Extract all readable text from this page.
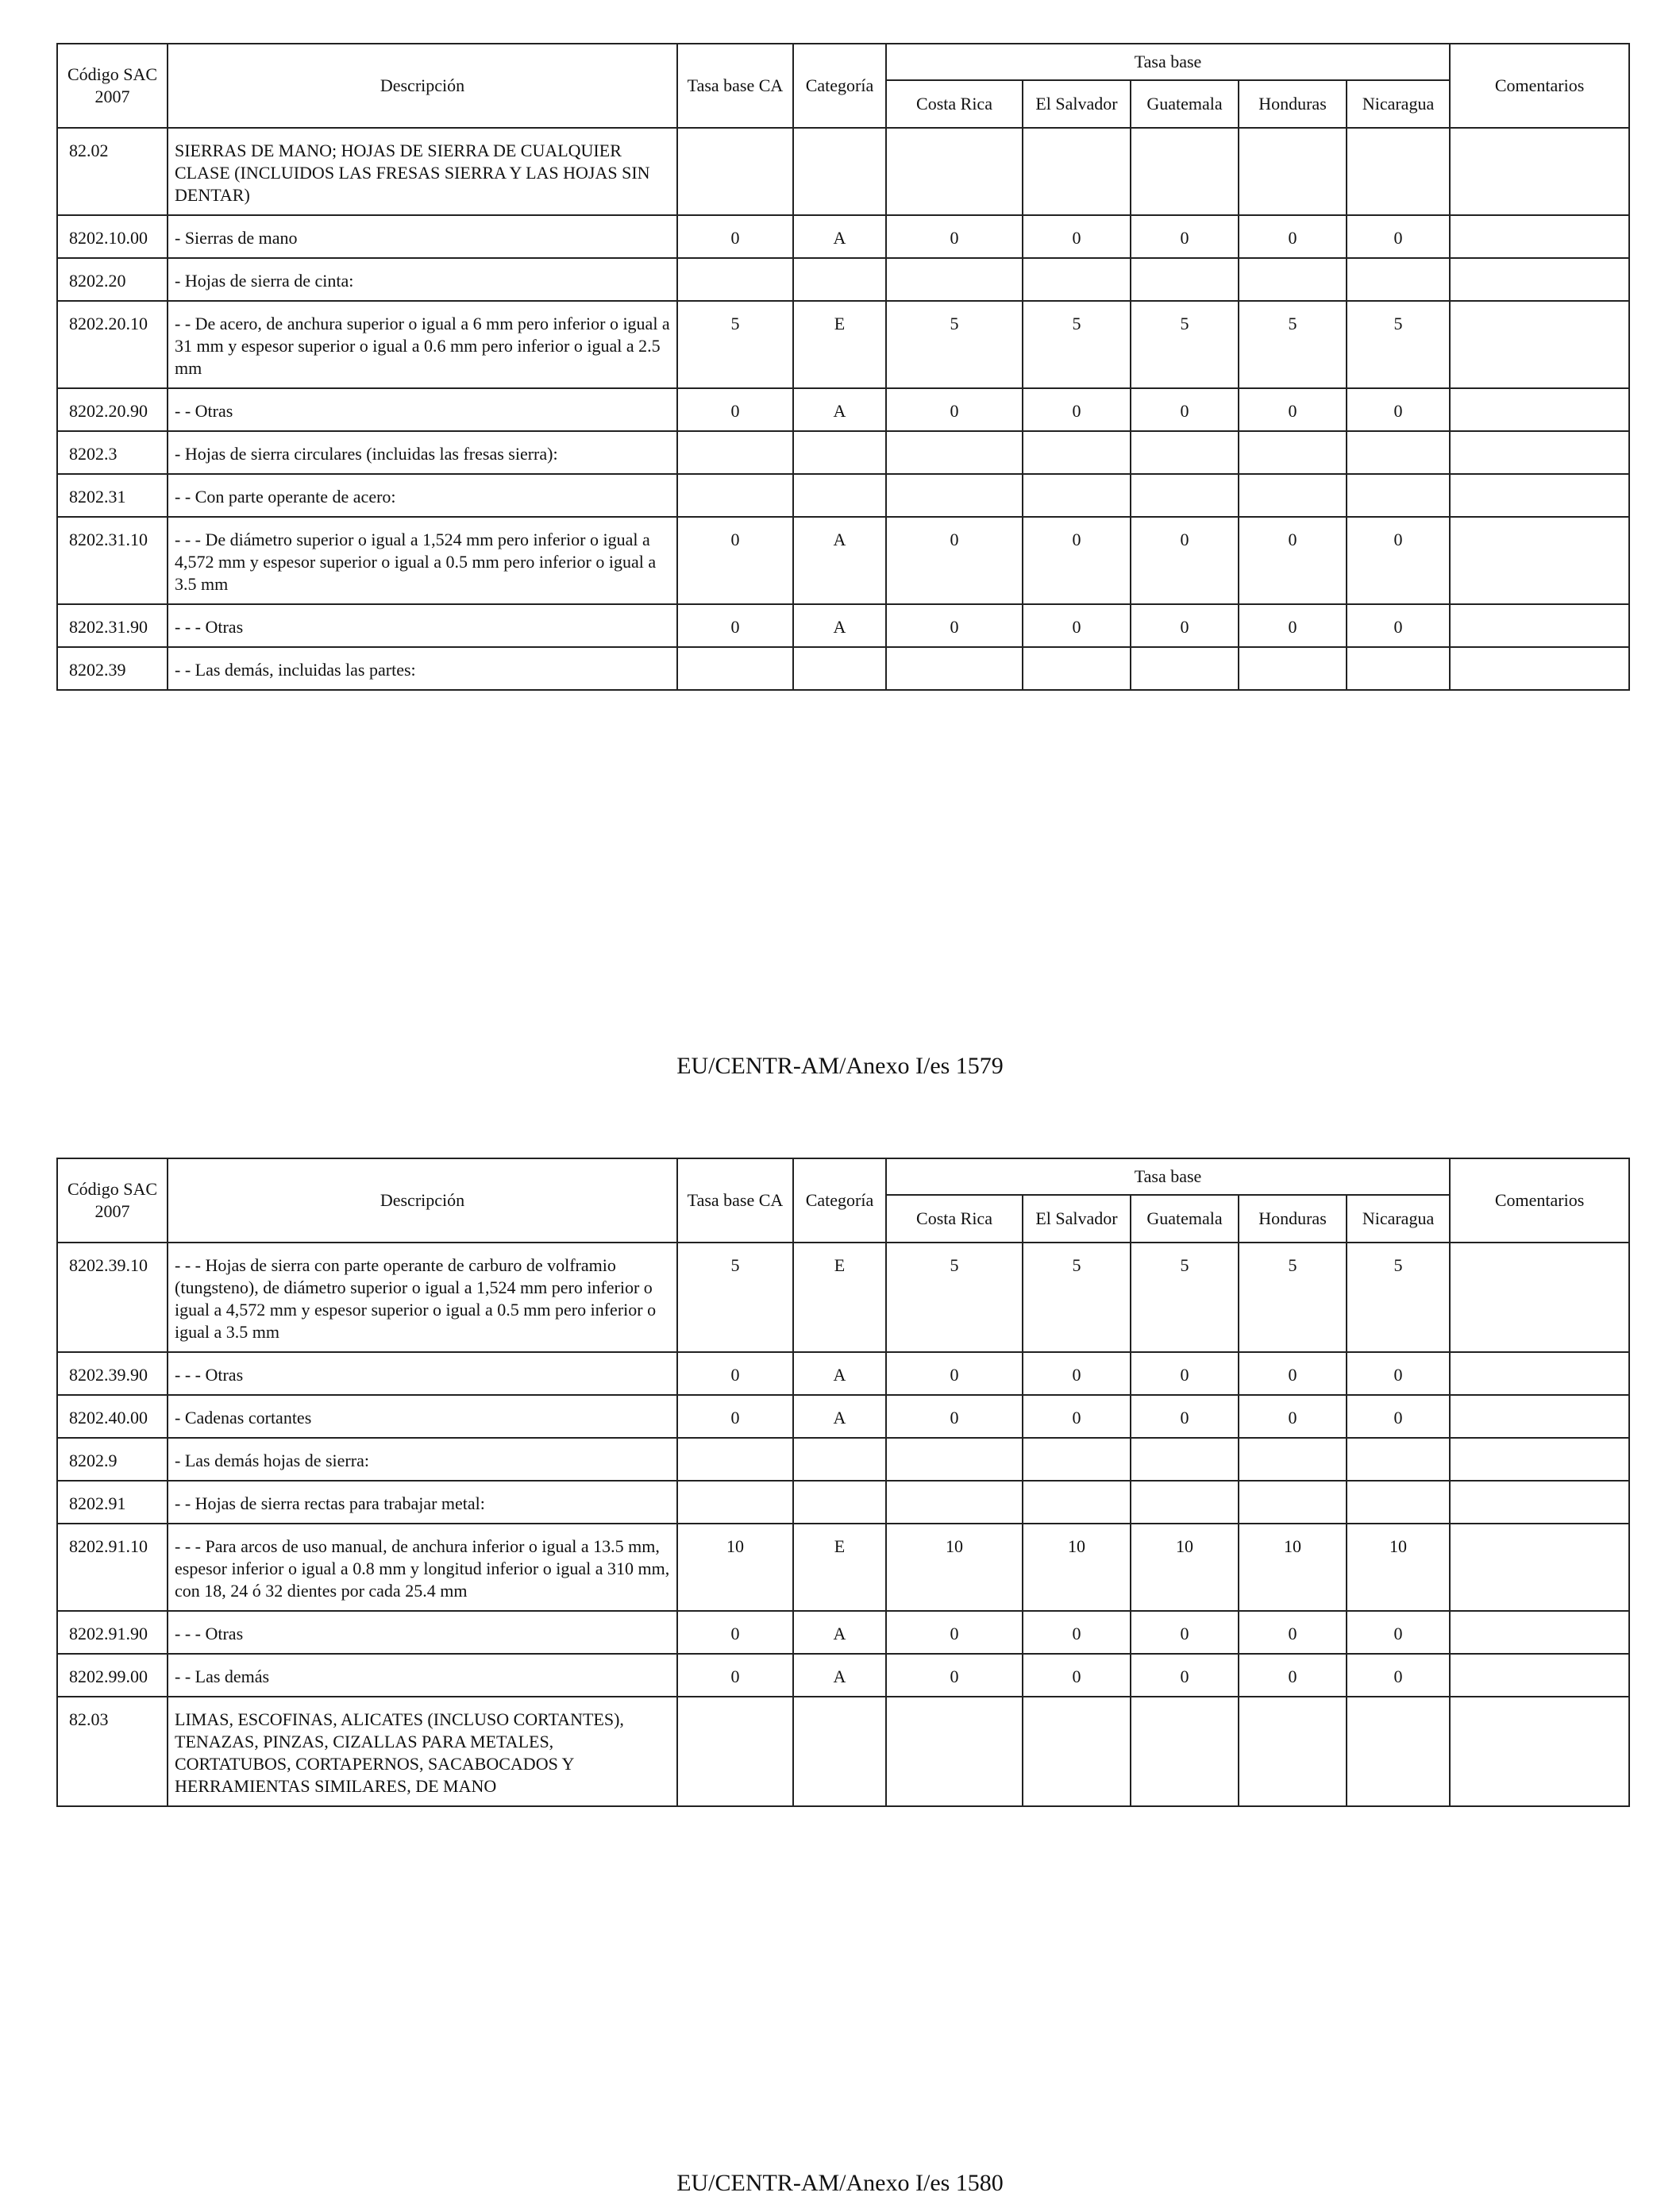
Código SAC 2007	Descripción	Tasa base CA	Categoría	Tasa base					Comentarios
				Costa Rica	El Salvador	Guatemala	Honduras	Nicaragua	
82.02	SIERRAS DE MANO; HOJAS DE SIERRA DE CUALQUIER CLASE (INCLUIDOS LAS FRESAS SIERRA Y LAS HOJAS SIN DENTAR)								
8202.10.00	- Sierras de mano	0	A	0	0	0	0	0	
8202.20	- Hojas de sierra de cinta:								
8202.20.10	- - De acero, de anchura superior o igual a 6 mm pero inferior o igual a 31 mm y espesor superior o igual a 0.6 mm pero inferior o igual a 2.5 mm	5	E	5	5	5	5	5	
8202.20.90	- - Otras	0	A	0	0	0	0	0	
8202.3	- Hojas de sierra circulares (incluidas las fresas sierra):								
8202.31	- - Con parte operante de acero:								
8202.31.10	- - - De diámetro superior o igual a 1,524 mm pero inferior o igual a 4,572 mm y espesor superior o igual a 0.5 mm pero inferior o igual a 3.5 mm	0	A	0	0	0	0	0	
8202.31.90	- - - Otras	0	A	0	0	0	0	0	
8202.39	- - Las demás, incluidas las partes:								
EU/CENTR-AM/Anexo I/es 1579
Código SAC 2007	Descripción	Tasa base CA	Categoría	Tasa base					Comentarios
				Costa Rica	El Salvador	Guatemala	Honduras	Nicaragua	
8202.39.10	- - - Hojas de sierra con parte operante de carburo de volframio (tungsteno), de diámetro superior o igual a 1,524 mm pero inferior o igual a 4,572 mm y espesor superior o igual a 0.5 mm pero inferior o igual a 3.5 mm	5	E	5	5	5	5	5	
8202.39.90	- - - Otras	0	A	0	0	0	0	0	
8202.40.00	- Cadenas cortantes	0	A	0	0	0	0	0	
8202.9	- Las demás hojas de sierra:								
8202.91	- - Hojas de sierra rectas para trabajar metal:								
8202.91.10	- - - Para arcos de uso manual, de anchura inferior o igual a 13.5 mm, espesor inferior o igual a 0.8 mm y longitud inferior o igual a 310 mm, con 18, 24 ó 32 dientes por cada 25.4 mm	10	E	10	10	10	10	10	
8202.91.90	- - - Otras	0	A	0	0	0	0	0	
8202.99.00	- - Las demás	0	A	0	0	0	0	0	
82.03	LIMAS, ESCOFINAS, ALICATES (INCLUSO CORTANTES), TENAZAS, PINZAS, CIZALLAS PARA METALES, CORTATUBOS, CORTAPERNOS, SACABOCADOS Y HERRAMIENTAS SIMILARES, DE MANO								
EU/CENTR-AM/Anexo I/es 1580
